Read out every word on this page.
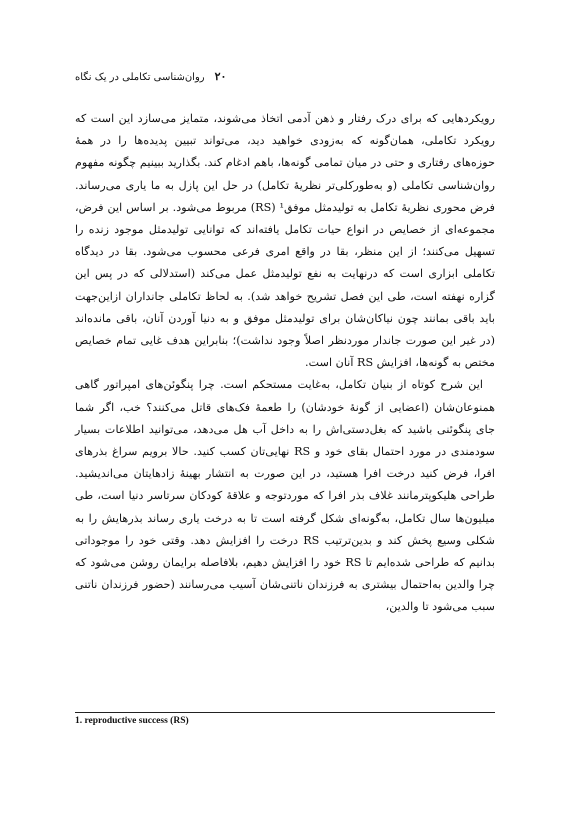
۲۰
روان‌شناسی تکاملی در یک نگاه

رویکردهایی که برای درک رفتار و ذهن آدمی اتخاذ می‌شوند، متمایز می‌سازد این است که رویکرد تکاملی، همان‌گونه که به‌زودی خواهید دید، می‌تواند تبیین پدیده‌ها را در همهٔ حوزه‌های رفتاری و حتی در میان تمامی گونه‌ها، باهم ادغام کند. بگذارید ببینیم چگونه مفهوم روان‌شناسی تکاملی (و به‌طورکلی‌تر نظریهٔ تکامل) در حل این پازل به ما یاری می‌رساند. فرض محوری نظریهٔ تکامل به تولیدمثل موفق¹ (RS) مربوط می‌شود. بر اساس این فرض، مجموعه‌ای از خصایص در انواع حیات تکامل یافته‌اند که توانایی تولیدمثل موجود زنده را تسهیل می‌کنند؛ از این منظر، بقا در واقع امری فرعی محسوب می‌شود. بقا در دیدگاه تکاملی ابزاری است که درنهایت به نفع تولیدمثل عمل می‌کند (استدلالی که در پس این گزاره نهفته است، طی این فصل تشریح خواهد شد). به لحاظ تکاملی جانداران ازاین‌جهت باید باقی بمانند چون نیاکان‌شان برای تولیدمثل موفق و به دنیا آوردن آنان، باقی مانده‌اند (در غیر این صورت جاندار موردنظر اصلاً وجود نداشت)؛ بنابراین هدف غایی تمام خصایص مختص به گونه‌ها، افزایش RS آنان است.

این شرح کوتاه از بنیان تکامل، به‌غایت مستحکم است. چرا پنگوئن‌های امپراتور گاهی همنوعان‌شان (اعضایی از گونهٔ خودشان) را طعمهٔ فک‌های قاتل می‌کنند؟ خب، اگر شما جای پنگوئنی باشید که بغل‌دستی‌اش را به داخل آب هل می‌دهد، می‌توانید اطلاعات بسیار سودمندی در مورد احتمال بقای خود و RS نهایی‌تان کسب کنید. حالا برویم سراغ بذرهای افرا، فرض کنید درخت افرا هستید، در این صورت به انتشار بهینهٔ زادهایتان می‌اندیشید. طراحی هلیکوپترمانند غلاف بذر افرا که موردتوجه و علاقهٔ کودکان سرتاسر دنیا است، طی میلیون‌ها سال تکامل، به‌گونه‌ای شکل گرفته است تا به درخت یاری رساند بذرهایش را به شکلی وسیع پخش کند و بدین‌ترتیب RS درخت را افزایش دهد. وقتی خود را موجوداتی بدانیم که طراحی شده‌ایم تا RS خود را افزایش دهیم، بلافاصله برایمان روشن می‌شود که چرا والدین به‌احتمال بیشتری به فرزندان ناتنی‌شان آسیب می‌رسانند (حضور فرزندان ناتنی سبب می‌شود تا والدین،

1. reproductive success (RS)
